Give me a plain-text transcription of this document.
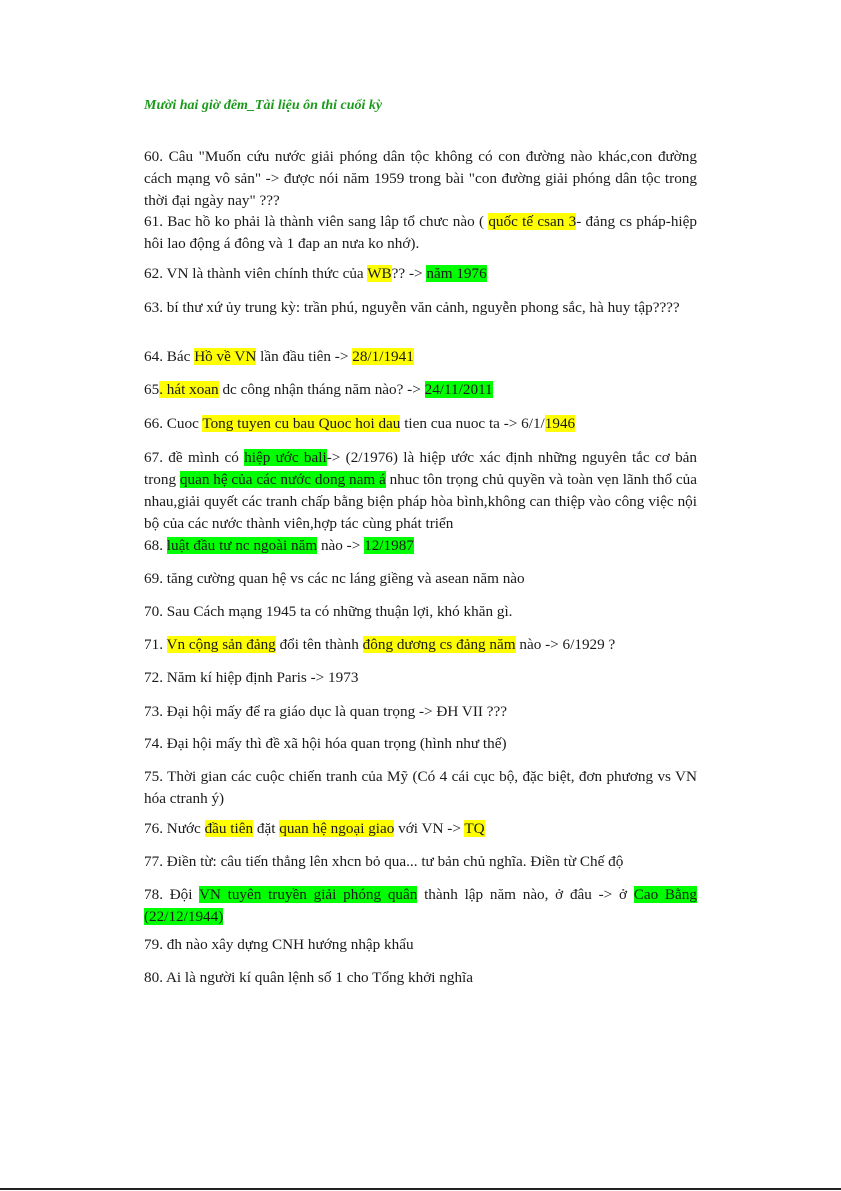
Mười hai giờ đêm_Tài liệu ôn thi cuối kỳ
60. Câu "Muốn cứu nước giải phóng dân tộc không có con đường nào khác,con đường cách mạng vô sản" -> được nói năm 1959 trong bài "con đường giải phóng dân tộc trong thời đại ngày nay" ???
61. Bac hồ ko phải là thành viên sang lâp tổ chưc nào ( quốc tế csan 3- đảng cs pháp-hiệp hôi lao động á đông và 1 đap an nưa ko nhớ).
62. VN là thành viên chính thức của WB?? -> năm 1976
63. bí thư xứ ủy trung kỳ: trần phú, nguyễn văn cảnh, nguyễn phong sắc, hà huy tập????
64. Bác Hồ về VN lần đầu tiên -> 28/1/1941
65. hát xoan dc công nhận tháng năm nào? -> 24/11/2011
66. Cuoc Tong tuyen cu bau Quoc hoi dau tien cua nuoc ta -> 6/1/1946
67. đề mình có hiệp ước bali-> (2/1976) là hiệp ước xác định những nguyên tắc cơ bản trong quan hệ của các nước dong nam á nhuc tôn trọng chủ quyền và toàn vẹn lãnh thổ của nhau,giải quyết các tranh chấp bằng biện pháp hòa bình,không can thiệp vào công việc nội bộ của các nước thành viên,hợp tác cùng phát triển
68. luật đầu tư nc ngoài năm nào -> 12/1987
69. tăng cường quan hệ vs các nc láng giềng và asean năm nào
70. Sau Cách mạng 1945 ta có những thuận lợi, khó khăn gì.
71. Vn cộng sản đảng đổi tên thành đông dương cs đảng năm nào -> 6/1929 ?
72. Năm kí hiệp định Paris -> 1973
73. Đại hội mấy để ra giáo dục là quan trọng -> ĐH VII ???
74. Đại hội mấy thì đề xã hội hóa quan trọng (hình như thế)
75. Thời gian các cuộc chiến tranh của Mỹ (Có 4 cái cục bộ, đặc biệt, đơn phương vs VN hóa ctranh ý)
76. Nước đầu tiên đặt quan hệ ngoại giao với VN -> TQ
77. Điền từ: câu tiến thẳng lên xhcn bỏ qua... tư bản chủ nghĩa. Điền từ Chế độ
78. Đội VN tuyên truyền giải phóng quân thành lập năm nào, ở đâu -> ở Cao Bằng (22/12/1944)
79. đh nào xây dựng CNH hướng nhập khẩu
80. Ai là người kí quân lệnh số 1 cho Tổng khởi nghĩa
